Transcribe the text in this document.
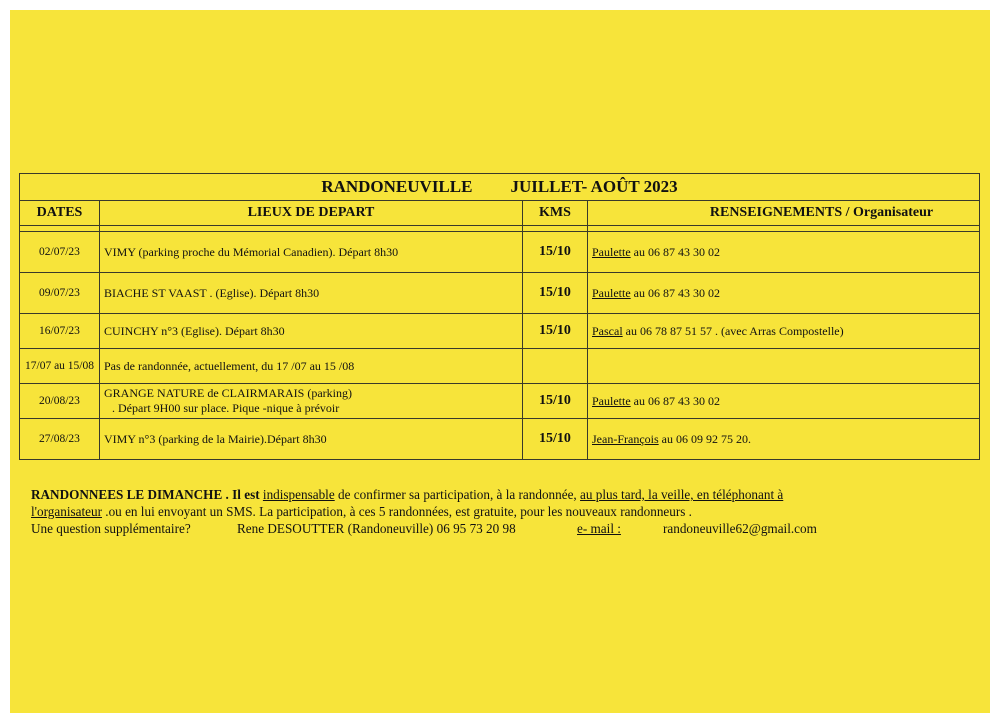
RANDONEUVILLE JUILLET- AOÛT 2023			
DATES	LIEUX DE DEPART	KMS	RENSEIGNEMENTS / Organisateur

02/07/23	VIMY (parking proche du Mémorial Canadien). Départ 8h30	15/10	Paulette au 06 87 43 30 02
09/07/23	BIACHE ST VAAST . (Eglise). Départ 8h30	15/10	Paulette au 06 87 43 30 02
16/07/23	CUINCHY n°3 (Eglise). Départ 8h30	15/10	Pascal au 06 78 87 51 57 . (avec Arras Compostelle)
17/07 au 15/08	Pas de randonnée, actuellement, du 17 /07 au 15 /08		
20/08/23	GRANGE NATURE de CLAIRMARAIS (parking)
. Départ 9H00 sur place. Pique -nique à prévoir	15/10	Paulette au 06 87 43 30 02
27/08/23	VIMY n°3 (parking de la Mairie).Départ 8h30	15/10	Jean-François au 06 09 92 75 20.
RANDONNEES LE DIMANCHE . Il est indispensable de confirmer sa participation, à la randonnée, au plus tard, la veille, en téléphonant à
l'organisateur .ou en lui envoyant un SMS. La participation, à ces 5 randonnées, est gratuite, pour les nouveaux randonneurs .
Une question supplémentaire?	Rene DESOUTTER (Randoneuville) 06 95 73 20 98	e- mail :	randoneuville62@gmail.com
